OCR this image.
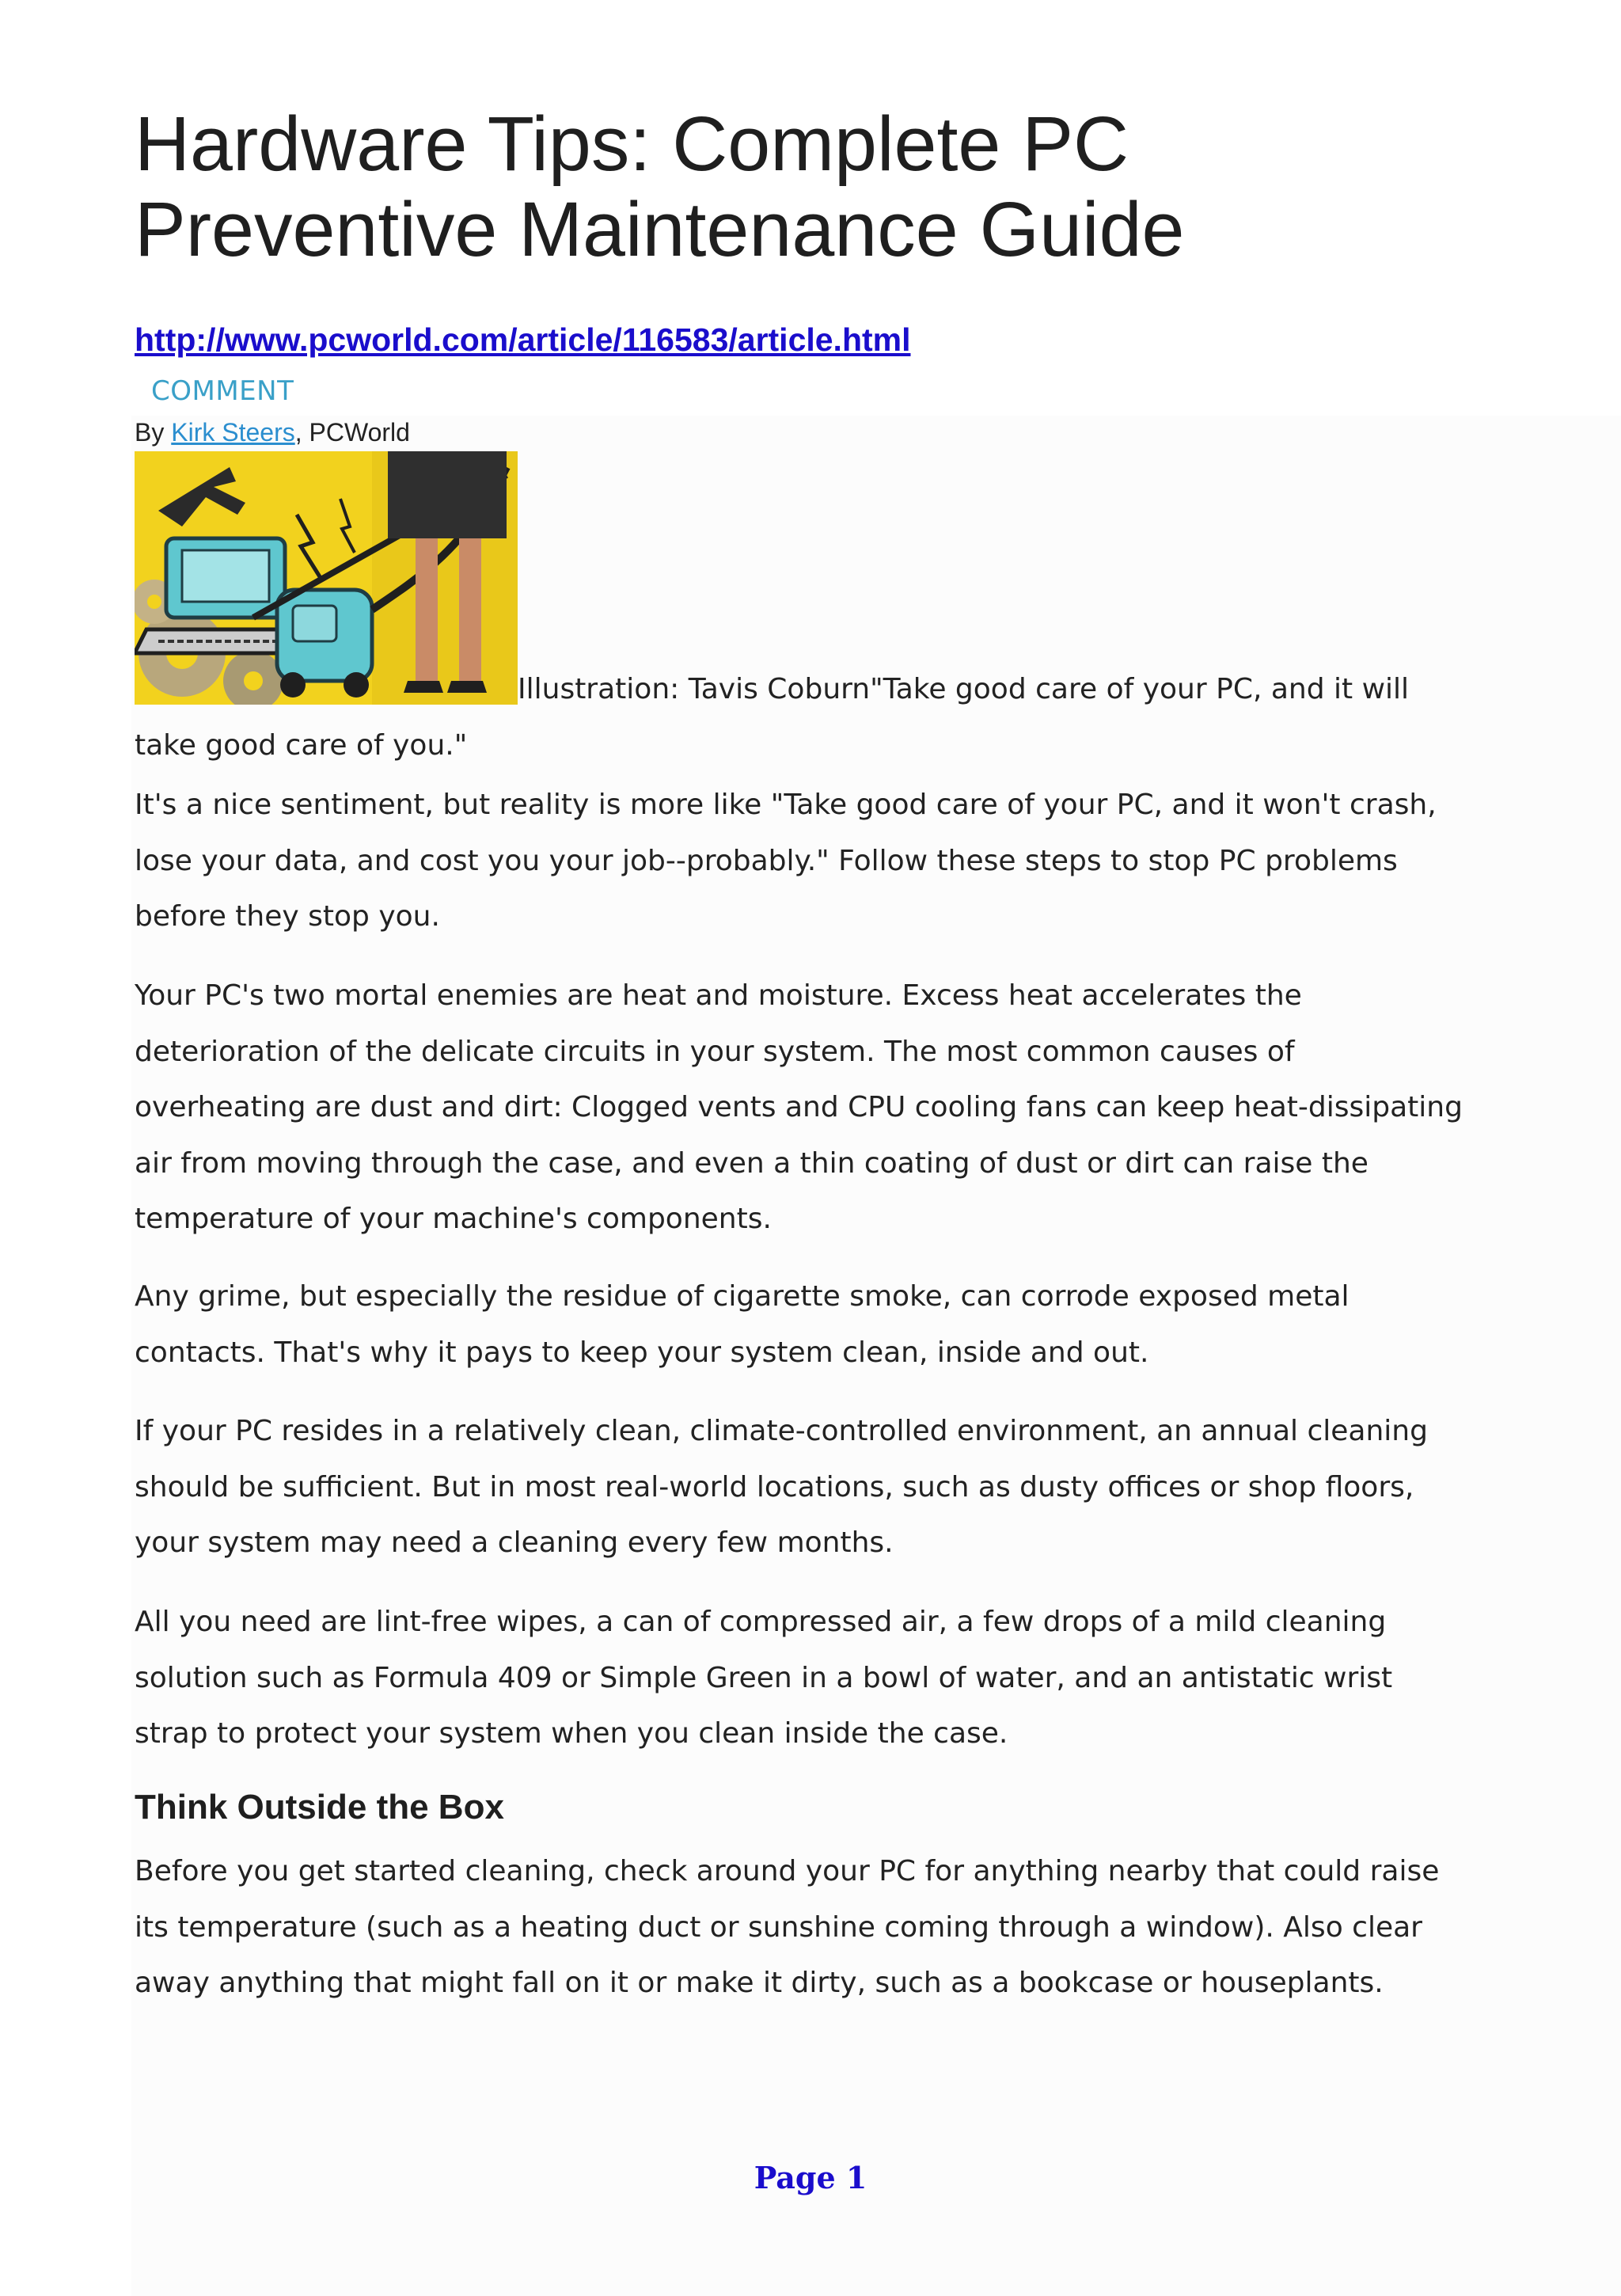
Hardware Tips: Complete PC Preventive Maintenance Guide
http://www.pcworld.com/article/116583/article.html
COMMENT
By Kirk Steers, PCWorld
Illustration: Tavis Coburn"Take good care of your PC, and it will
take good care of you."

It's a nice sentiment, but reality is more like "Take good care of your PC, and it won't crash, lose your data, and cost you your job--probably." Follow these steps to stop PC problems before they stop you.

Your PC's two mortal enemies are heat and moisture. Excess heat accelerates the deterioration of the delicate circuits in your system. The most common causes of overheating are dust and dirt: Clogged vents and CPU cooling fans can keep heat-dissipating air from moving through the case, and even a thin coating of dust or dirt can raise the temperature of your machine's components.

Any grime, but especially the residue of cigarette smoke, can corrode exposed metal contacts. That's why it pays to keep your system clean, inside and out.

If your PC resides in a relatively clean, climate-controlled environment, an annual cleaning should be sufficient. But in most real-world locations, such as dusty offices or shop floors, your system may need a cleaning every few months.

All you need are lint-free wipes, a can of compressed air, a few drops of a mild cleaning solution such as Formula 409 or Simple Green in a bowl of water, and an antistatic wrist strap to protect your system when you clean inside the case.

Think Outside the Box

Before you get started cleaning, check around your PC for anything nearby that could raise its temperature (such as a heating duct or sunshine coming through a window). Also clear away anything that might fall on it or make it dirty, such as a bookcase or houseplants.

Page 1
